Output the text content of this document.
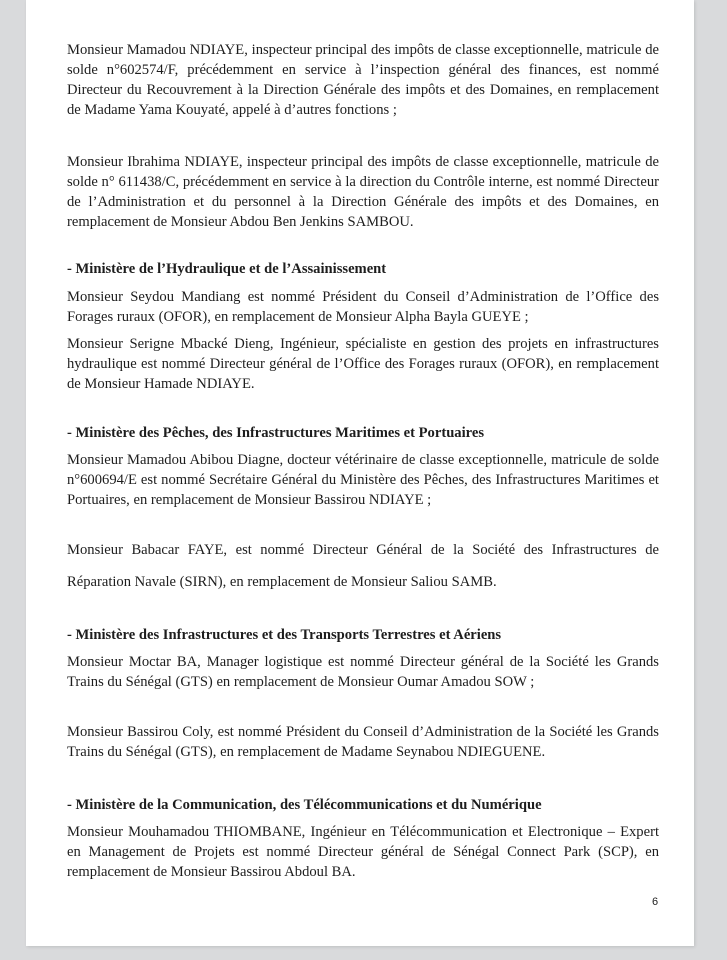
Monsieur Mamadou NDIAYE, inspecteur principal des impôts de classe exceptionnelle, matricule de solde n°602574/F, précédemment en service à l’inspection général des finances, est nommé Directeur du Recouvrement à la Direction Générale des impôts et des Domaines, en remplacement de Madame Yama Kouyaté, appelé à d’autres fonctions ;

Monsieur Ibrahima NDIAYE, inspecteur principal des impôts de classe exceptionnelle, matricule de solde n° 611438/C, précédemment en service à la direction du Contrôle interne, est nommé Directeur de l’Administration et du personnel à la Direction Générale des impôts et des Domaines, en remplacement de Monsieur Abdou Ben Jenkins SAMBOU.

- Ministère de l’Hydraulique et de l’Assainissement

Monsieur Seydou Mandiang est nommé Président du Conseil d’Administration de l’Office des Forages ruraux (OFOR), en remplacement de Monsieur Alpha Bayla GUEYE ;

Monsieur Serigne Mbacké Dieng, Ingénieur, spécialiste en gestion des projets en infrastructures hydraulique est nommé Directeur général de l’Office des Forages ruraux (OFOR), en remplacement de Monsieur Hamade NDIAYE.

- Ministère des Pêches, des Infrastructures Maritimes et Portuaires

Monsieur Mamadou Abibou Diagne, docteur vétérinaire de classe exceptionnelle, matricule de solde n°600694/E est nommé Secrétaire Général du Ministère des Pêches, des Infrastructures Maritimes et Portuaires, en remplacement de Monsieur Bassirou NDIAYE ;

Monsieur Babacar FAYE, est nommé Directeur Général de la Société des Infrastructures de Réparation Navale (SIRN), en remplacement de Monsieur Saliou SAMB.

- Ministère des Infrastructures et des Transports Terrestres et Aériens

Monsieur Moctar BA, Manager logistique est nommé Directeur général de la Société les Grands Trains du Sénégal (GTS) en remplacement de Monsieur Oumar Amadou SOW ;

Monsieur Bassirou Coly, est nommé Président du Conseil d’Administration de la Société les Grands Trains du Sénégal (GTS), en remplacement de Madame Seynabou NDIEGUENE.

- Ministère de la Communication, des Télécommunications et du Numérique

Monsieur Mouhamadou THIOMBANE, Ingénieur en Télécommunication et Electronique – Expert en Management de Projets est nommé Directeur général de Sénégal Connect Park (SCP), en remplacement de Monsieur Bassirou Abdoul BA.

6
